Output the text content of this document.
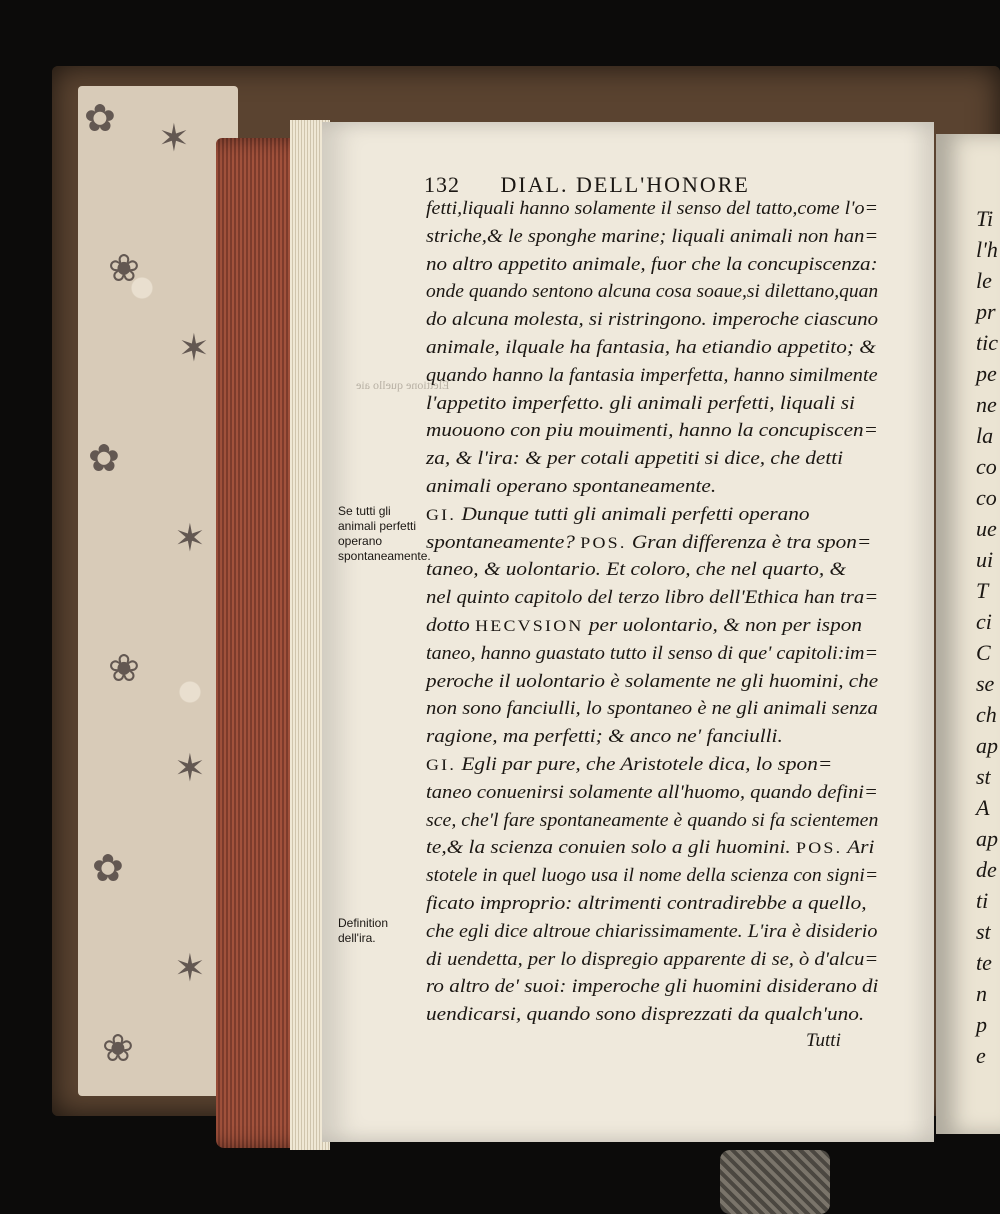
✿ ✶
❀
✶
✿
✶
❀
✶
✿
✶
❀
Elettione quello aie
132 DIAL. DELL'HONORE
fetti,liquali hanno solamente il senso del tatto,come l'o=
striche,& le sponghe marine; liquali animali non han=
no altro appetito animale, fuor che la concupiscenza:
onde quando sentono alcuna cosa soaue,si dilettano,quan
do alcuna molesta, si ristringono. imperoche ciascuno
animale, ilquale ha fantasia, ha etiandio appetito; &
quando hanno la fantasia imperfetta, hanno similmente
l'appetito imperfetto. gli animali perfetti, liquali si
muouono con piu mouimenti, hanno la concupiscen=
za, & l'ira: & per cotali appetiti si dice, che detti
animali operano spontaneamente.
GI. Dunque tutti gli animali perfetti operano
spontaneamente? POS. Gran differenza è tra spon=
taneo, & uolontario. Et coloro, che nel quarto, &
nel quinto capitolo del terzo libro dell'Ethica han tra=
dotto HECVSION per uolontario, & non per ispon
taneo, hanno guastato tutto il senso di que' capitoli:im=
peroche il uolontario è solamente ne gli huomini, che
non sono fanciulli, lo spontaneo è ne gli animali senza
ragione, ma perfetti; & anco ne' fanciulli.
GI. Egli par pure, che Aristotele dica, lo spon=
taneo conuenirsi solamente all'huomo, quando defini=
sce, che'l fare spontaneamente è quando si fa scientemen
te,& la scienza conuien solo a gli huomini. POS. Ari
stotele in quel luogo usa il nome della scienza con signi=
ficato improprio: altrimenti contradirebbe a quello,
che egli dice altroue chiarissimamente. L'ira è disiderio
di uendetta, per lo dispregio apparente di se, ò d'alcu=
ro altro de' suoi: imperoche gli huomini disiderano di
uendicarsi, quando sono disprezzati da qualch'uno.
Se tutti gli animali perfetti operano spontaneamente.
Definition dell'ira.
Tutti
Ti
l'h
le
pr
tic
pe
ne
la
co
co
ue
ui
T
ci
C
se
ch
ap
st
A
ap
de
ti
st
te
n
p
e
